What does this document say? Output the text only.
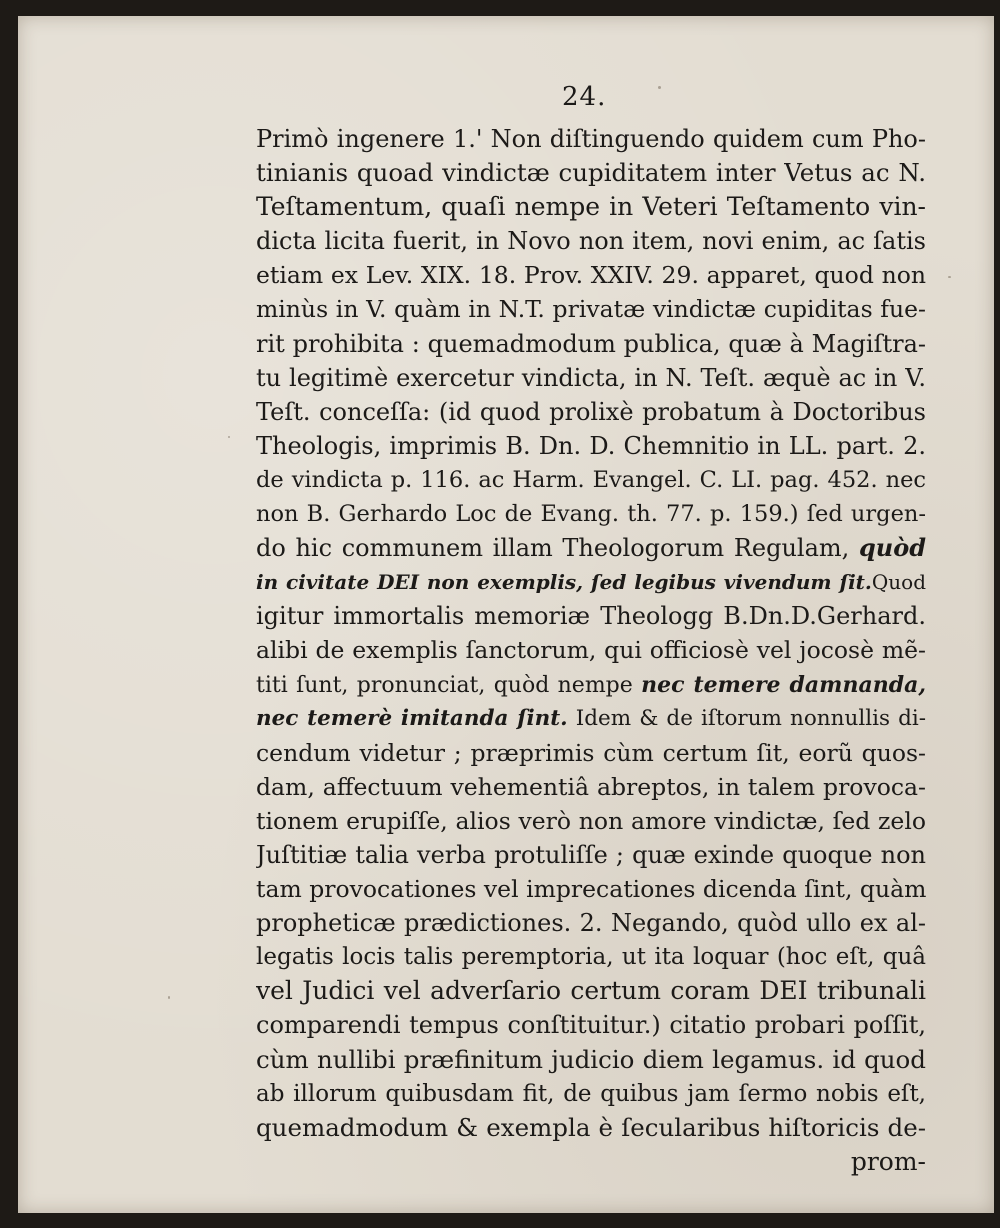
24.
Primò ingenere 1.' Non diſtinguendo quidem cum Pho-
tinianis quoad vindictæ cupiditatem inter Vetus ac N.
Teſtamentum, quaſi nempe in Veteri Teſtamento vin-
dicta licita fuerit, in Novo non item, novi enim, ac ſatis
etiam ex Lev. XIX. 18. Prov. XXIV. 29. apparet, quod non
minùs in V. quàm in N.T. privatæ vindictæ cupiditas fue-
rit prohibita : quemadmodum publica, quæ à Magiſtra-
tu legitimè exercetur vindicta, in N. Teſt. æquè ac in V.
Teſt. conceſſa: (id quod prolixè probatum à Doctoribus
Theologis, imprimis B. Dn. D. Chemnitio in LL. part. 2.
de vindicta p. 116. ac Harm. Evangel. C. LI. pag. 452. nec
non B. Gerhardo Loc de Evang. th. 77. p. 159.) ſed urgen-
do hic communem illam Theologorum Regulam, quòd
in civitate DEI non exemplis, ſed legibus vivendum ſit.Quod
igitur immortalis memoriæ Theologg B.Dn.D.Gerhard.
alibi de exemplis ſanctorum, qui officiosè vel jocosè mẽ-
titi ſunt, pronunciat, quòd nempe nec temere damnanda,
nec temerè imitanda ſint. Idem & de iſtorum nonnullis di-
cendum videtur ; præprimis cùm certum ſit, eorũ quos-
dam, affectuum vehementiâ abreptos, in talem provoca-
tionem erupiſſe, alios verò non amore vindictæ, ſed zelo
Juſtitiæ talia verba protuliſſe ; quæ exinde quoque non
tam provocationes vel imprecationes dicenda ſint, quàm
propheticæ prædictiones. 2. Negando, quòd ullo ex al-
legatis locis talis peremptoria, ut ita loquar (hoc eſt, quâ
vel Judici vel adverſario certum coram DEI tribunali
comparendi tempus conſtituitur.) citatio probari poſſit,
cùm nullibi præfinitum judicio diem legamus. id quod
ab illorum quibusdam fit, de quibus jam ſermo nobis eſt,
quemadmodum & exempla è ſecularibus hiſtoricis de-
prom-
